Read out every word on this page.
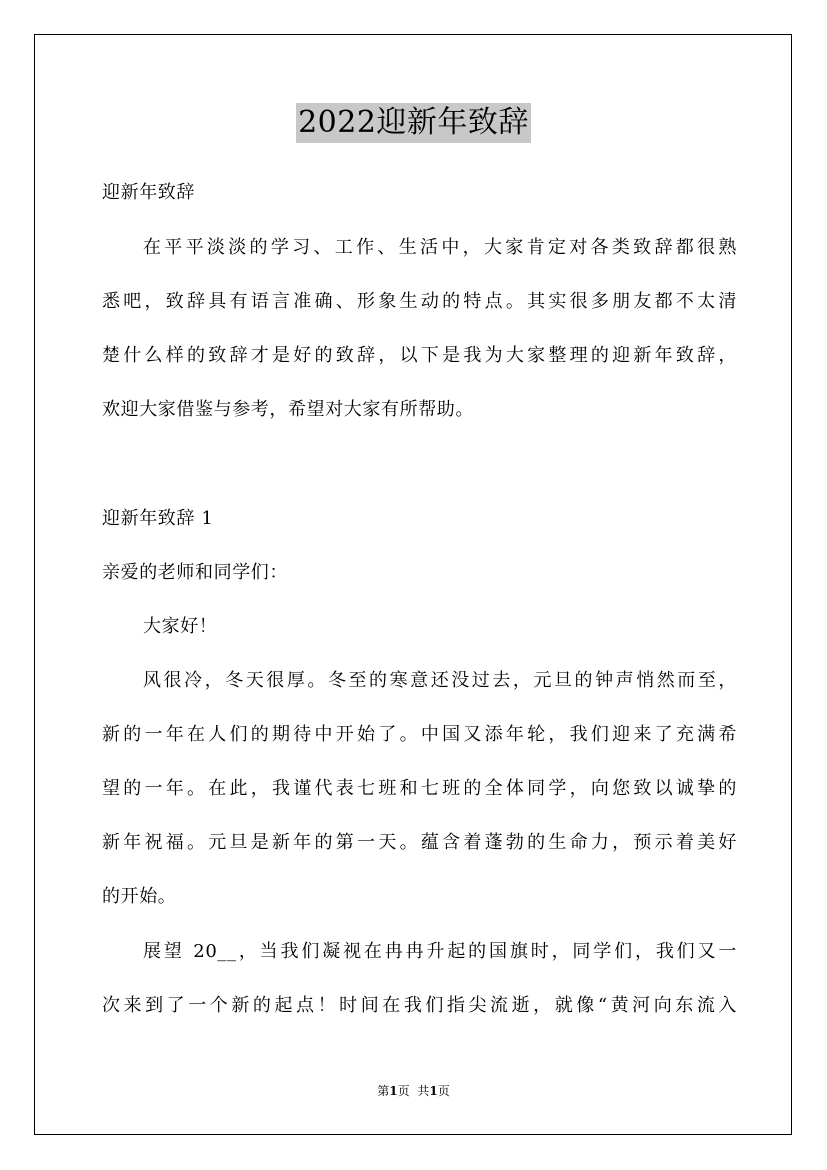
2022迎新年致辞
迎新年致辞
在平平淡淡的学习、工作、生活中，大家肯定对各类致辞都很熟
悉吧，致辞具有语言准确、形象生动的特点。其实很多朋友都不太清
楚什么样的致辞才是好的致辞，以下是我为大家整理的迎新年致辞，
欢迎大家借鉴与参考，希望对大家有所帮助。
迎新年致辞 1
亲爱的老师和同学们：
大家好！
风很冷，冬天很厚。冬至的寒意还没过去，元旦的钟声悄然而至，
新的一年在人们的期待中开始了。中国又添年轮，我们迎来了充满希
望的一年。在此，我谨代表七班和七班的全体同学，向您致以诚挚的
新年祝福。元旦是新年的第一天。蕴含着蓬勃的生命力，预示着美好
的开始。
展望 20__，当我们凝视在冉冉升起的国旗时，同学们，我们又一
次来到了一个新的起点！时间在我们指尖流逝，就像“黄河向东流入
第1页 共1页
